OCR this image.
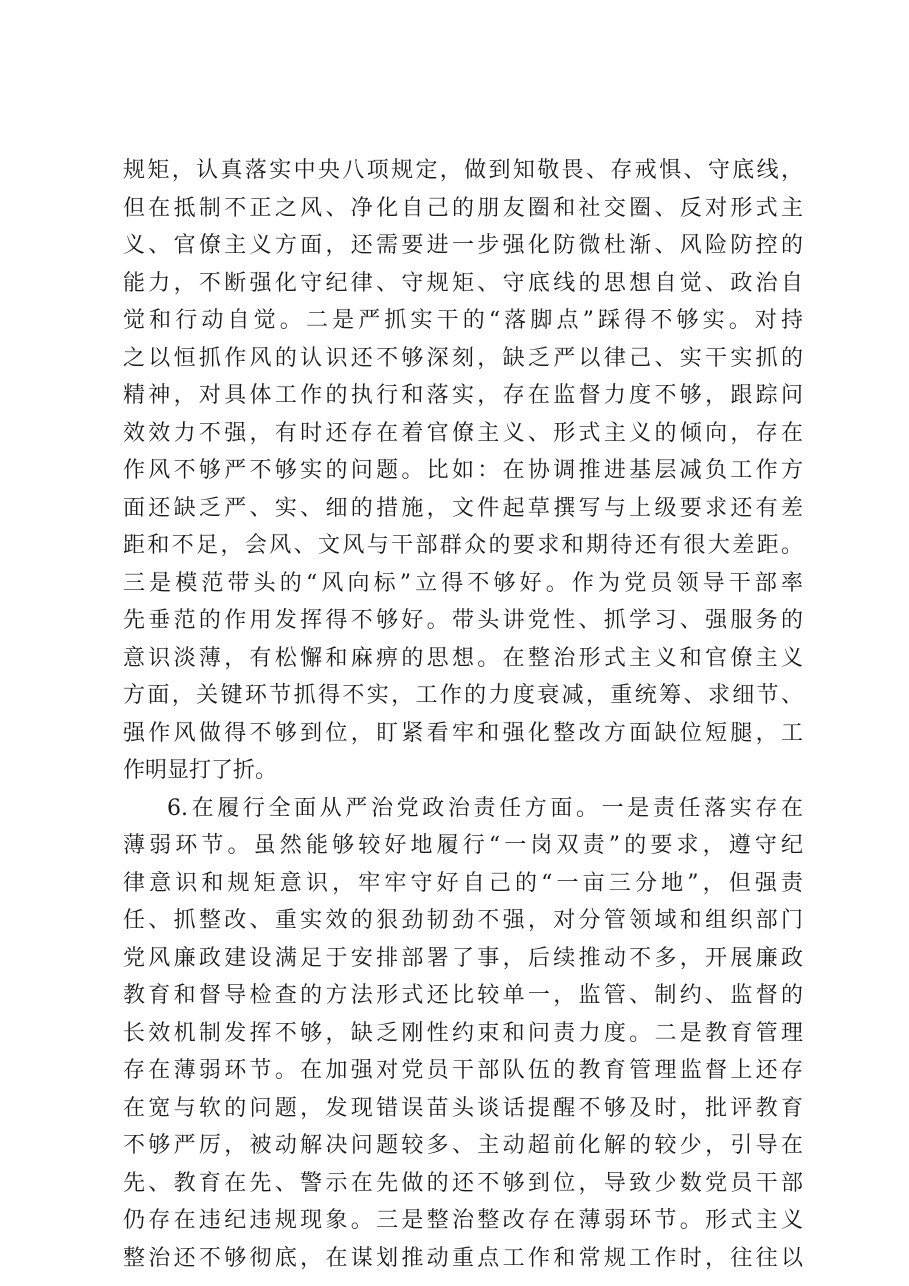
规矩，认真落实中央八项规定，做到知敬畏、存戒惧、守底线，
但在抵制不正之风、净化自己的朋友圈和社交圈、反对形式主
义、官僚主义方面，还需要进一步强化防微杜渐、风险防控的
能力，不断强化守纪律、守规矩、守底线的思想自觉、政治自
觉和行动自觉。二是严抓实干的“落脚点”踩得不够实。对持
之以恒抓作风的认识还不够深刻，缺乏严以律己、实干实抓的
精神，对具体工作的执行和落实，存在监督力度不够，跟踪问
效效力不强，有时还存在着官僚主义、形式主义的倾向，存在
作风不够严不够实的问题。比如：在协调推进基层减负工作方
面还缺乏严、实、细的措施，文件起草撰写与上级要求还有差
距和不足，会风、文风与干部群众的要求和期待还有很大差距。
三是模范带头的“风向标”立得不够好。作为党员领导干部率
先垂范的作用发挥得不够好。带头讲党性、抓学习、强服务的
意识淡薄，有松懈和麻痹的思想。在整治形式主义和官僚主义
方面，关键环节抓得不实，工作的力度衰减，重统筹、求细节、
强作风做得不够到位，盯紧看牢和强化整改方面缺位短腿，工
作明显打了折。
6.在履行全面从严治党政治责任方面。一是责任落实存在
薄弱环节。虽然能够较好地履行“一岗双责”的要求，遵守纪
律意识和规矩意识，牢牢守好自己的“一亩三分地”，但强责
任、抓整改、重实效的狠劲韧劲不强，对分管领域和组织部门
党风廉政建设满足于安排部署了事，后续推动不多，开展廉政
教育和督导检查的方法形式还比较单一，监管、制约、监督的
长效机制发挥不够，缺乏刚性约束和问责力度。二是教育管理
存在薄弱环节。在加强对党员干部队伍的教育管理监督上还存
在宽与软的问题，发现错误苗头谈话提醒不够及时，批评教育
不够严厉，被动解决问题较多、主动超前化解的较少，引导在
先、教育在先、警示在先做的还不够到位，导致少数党员干部
仍存在违纪违规现象。三是整治整改存在薄弱环节。形式主义
整治还不够彻底，在谋划推动重点工作和常规工作时，往往以
